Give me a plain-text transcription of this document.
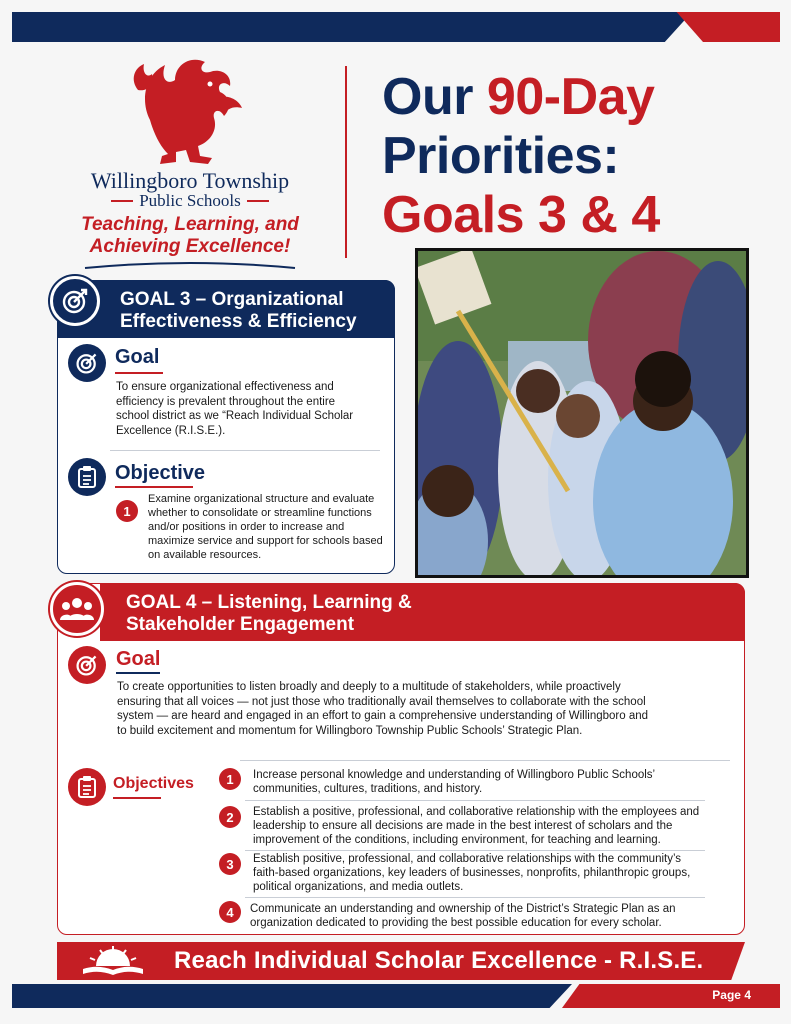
Willingboro Township
Public Schools
Teaching, Learning, and
Achieving Excellence!
Our 90-Day
Priorities:
Goals 3 & 4
GOAL 3 – Organizational
Effectiveness & Efficiency
Goal
To ensure organizational effectiveness and efficiency is prevalent throughout the entire school district as we “Reach Individual Scholar Excellence (R.I.S.E.).
Objective
1
Examine organizational structure and evaluate whether to consolidate or streamline functions and/or positions in order to increase and maximize service and support for schools based on available resources.
GOAL 4 – Listening, Learning &
Stakeholder Engagement
Goal
To create opportunities to listen broadly and deeply to a multitude of stakeholders, while proactively ensuring that all voices — not just those who traditionally avail themselves to collaborate with the school system — are heard and engaged in an effort to gain a comprehensive understanding of Willingboro and to build excitement and momentum for Willingboro Township Public Schools’ Strategic Plan.
Objectives	1	Increase personal knowledge and understanding of Willingboro Public Schools’ communities, cultures, traditions, and history.
2	Establish a positive, professional, and collaborative relationship with the employees and leadership to ensure all decisions are made in the best interest of scholars and the improvement of the conditions, including environment, for teaching and learning.
3	Establish positive, professional, and collaborative relationships with the community’s faith-based organizations, key leaders of businesses, nonprofits, philanthropic groups, political organizations, and media outlets.
4	Communicate an understanding and ownership of the District’s Strategic Plan as an organization dedicated to providing the best possible education for every scholar.
Reach Individual Scholar Excellence - R.I.S.E.
Page 4
